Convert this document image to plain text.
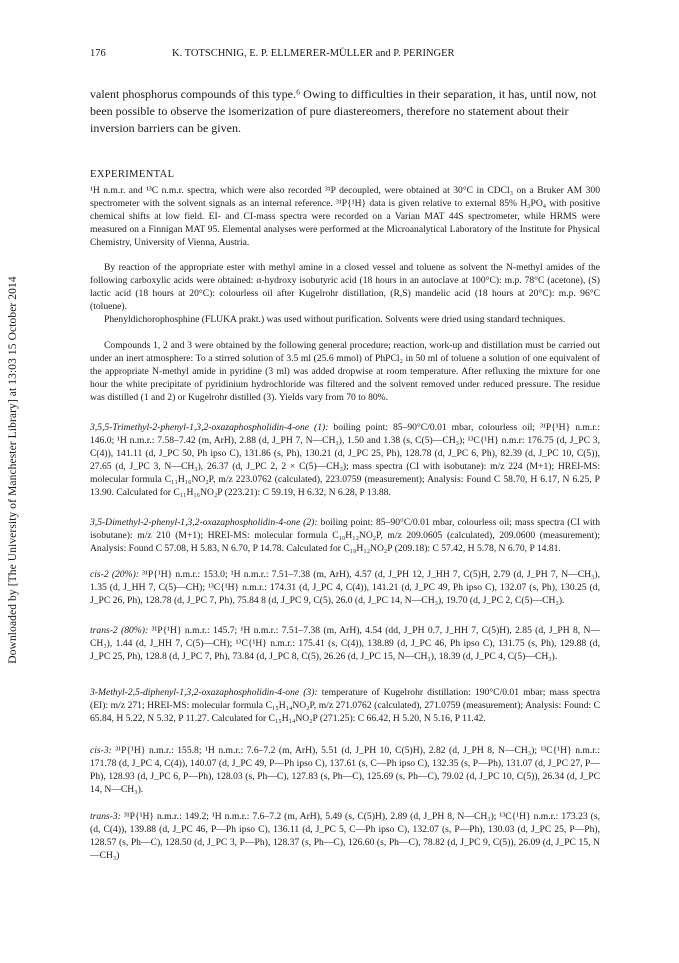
Downloaded by [The University of Manchester Library] at 13:03 15 October 2014
176	K. TOTSCHNIG, E. P. ELLMERER-MÜLLER and P. PERINGER

valent phosphorus compounds of this type.⁶ Owing to difficulties in their separation, it has, until now, not been possible to observe the isomerization of pure diastereomers, therefore no statement about their inversion barriers can be given.

EXPERIMENTAL

¹H n.m.r. and ¹³C n.m.r. spectra, which were also recorded ³¹P decoupled, were obtained at 30°C in CDCl₃ on a Bruker AM 300 spectrometer with the solvent signals as an internal reference. ³¹P{¹H} data is given relative to external 85% H₃PO₄ with positive chemical shifts at low field. EI- and CI-mass spectra were recorded on a Varian MAT 44S spectrometer, while HRMS were measured on a Finnigan MAT 95. Elemental analyses were performed at the Microanalytical Laboratory of the Institute for Physical Chemistry, University of Vienna, Austria.

By reaction of the appropriate ester with methyl amine in a closed vessel and toluene as solvent the N-methyl amides of the following carboxylic acids were obtained: α-hydroxy isobutyric acid (18 hours in an autoclave at 100°C): m.p. 78°C (acetone), (S) lactic acid (18 hours at 20°C): colourless oil after Kugelrohr distillation, (R,S) mandelic acid (18 hours at 20°C): m.p. 96°C (toluene).

Phenyldichorophosphine (FLUKA prakt.) was used without purification. Solvents were dried using standard techniques.

Compounds 1, 2 and 3 were obtained by the following general procedure; reaction, work-up and distillation must be carried out under an inert atmosphere: To a stirred solution of 3.5 ml (25.6 mmol) of PhPCl₂ in 50 ml of toluene a solution of one equivalent of the appropriate N-methyl amide in pyridine (3 ml) was added dropwise at room temperature. After refluxing the mixture for one hour the white precipitate of pyridinium hydrochloride was filtered and the solvent removed under reduced pressure. The residue was distilled (1 and 2) or Kugelrohr distilled (3). Yields vary from 70 to 80%.

3,5,5-Trimethyl-2-phenyl-1,3,2-oxazaphospholidin-4-one (1): boiling point: 85–90°C/0.01 mbar, colourless oil; ³¹P{¹H} n.m.r.: 146.0; ¹H n.m.r.: 7.58–7.42 (m, ArH), 2.88 (d, J_PH 7, N—CH₃), 1.50 and 1.38 (s, C(5)—CH₃); ¹³C{¹H} n.m.r: 176.75 (d, J_PC 3, C(4)), 141.11 (d, J_PC 50, Ph ipso C), 131.86 (s, Ph), 130.21 (d, J_PC 25, Ph), 128.78 (d, J_PC 6, Ph), 82.39 (d, J_PC 10, C(5)), 27.65 (d, J_PC 3, N—CH₃), 26.37 (d, J_PC 2, 2 × C(5)—CH₃); mass spectra (CI with isobutane): m/z 224 (M+1); HREI-MS: molecular formula C₁₁H₁₆NO₂P, m/z 223.0762 (calculated), 223.0759 (measurement); Analysis: Found C 58.70, H 6.17, N 6.25, P 13.90. Calculated for C₁₁H₁₆NO₂P (223.21): C 59.19, H 6.32, N 6.28, P 13.88.

3,5-Dimethyl-2-phenyl-1,3,2-oxazaphospholidin-4-one (2): boiling point: 85–90°C/0.01 mbar, colourless oil; mass spectra (CI with isobutane): m/z 210 (M+1); HREI-MS: molecular formula C₁₀H₁₂NO₂P, m/z 209.0605 (calculated), 209.0600 (measurement); Analysis: Found C 57.08, H 5.83, N 6.70, P 14.78. Calculated for C₁₀H₁₂NO₂P (209.18): C 57.42, H 5.78, N 6.70, P 14.81.

cis-2 (20%): ³¹P{¹H} n.m.r.: 153.0; ¹H n.m.r.: 7.51–7.38 (m, ArH), 4.57 (d, J_PH 12, J_HH 7, C(5)H, 2.79 (d, J_PH 7, N—CH₃), 1.35 (d, J_HH 7, C(5)—CH); ¹³C{¹H} n.m.r.: 174.31 (d, J_PC 4, C(4)), 141.21 (d, J_PC 49, Ph ipso C), 132.07 (s, Ph), 130.25 (d, J_PC 26, Ph), 128.78 (d, J_PC 7, Ph), 75.84 8 (d, J_PC 9, C(5), 26.0 (d, J_PC 14, N—CH₃), 19.70 (d, J_PC 2, C(5)—CH₃).

trans-2 (80%): ³¹P{¹H} n.m.r.: 145.7; ¹H n.m.r.: 7.51–7.38 (m, ArH), 4.54 (dd, J_PH 0.7, J_HH 7, C(5)H), 2.85 (d, J_PH 8, N—CH₃), 1.44 (d, J_HH 7, C(5)—CH); ¹³C{¹H} n.m.r.: 175.41 (s, C(4)), 138.89 (d, J_PC 46, Ph ipso C), 131.75 (s, Ph), 129.88 (d, J_PC 25, Ph), 128.8 (d, J_PC 7, Ph), 73.84 (d, J_PC 8, C(5), 26.26 (d, J_PC 15, N—CH₃), 18.39 (d, J_PC 4, C(5)—CH₃).

3-Methyl-2,5-diphenyl-1,3,2-oxazaphospholidin-4-one (3): temperature of Kugelrohr distillation: 190°C/0.01 mbar; mass spectra (EI): m/z 271; HREI-MS: molecular formula C₁₅H₁₄NO₂P, m/z 271.0762 (calculated), 271.0759 (measurement); Analysis: Found: C 65.84, H 5.22, N 5.32, P 11.27. Calculated for C₁₅H₁₄NO₂P (271.25): C 66.42, H 5.20, N 5.16, P 11.42.

cis-3: ³¹P{¹H} n.m.r.: 155.8; ¹H n.m.r.: 7.6–7.2 (m, ArH), 5.51 (d, J_PH 10, C(5)H), 2.82 (d, J_PH 8, N—CH₃); ¹³C{¹H} n.m.r.: 171.78 (d, J_PC 4, C(4)), 140.07 (d, J_PC 49, P—Ph ipso C), 137.61 (s, C—Ph ipso C), 132.35 (s, P—Ph), 131.07 (d, J_PC 27, P—Ph), 128.93 (d, J_PC 6, P—Ph), 128.03 (s, Ph—C), 127.83 (s, Ph—C), 125.69 (s, Ph—C), 79.02 (d, J_PC 10, C(5)), 26.34 (d, J_PC 14, N—CH₃).

trans-3: ³¹P{¹H} n.m.r.: 149.2; ¹H n.m.r.: 7.6–7.2 (m, ArH), 5.49 (s, C(5)H), 2.89 (d, J_PH 8, N—CH₃); ¹³C{¹H} n.m.r.: 173.23 (s, (d, C(4)), 139.88 (d, J_PC 46, P—Ph ipso C), 136.11 (d, J_PC 5, C—Ph ipso C), 132.07 (s, P—Ph), 130.03 (d, J_PC 25, P—Ph), 128.57 (s, Ph—C), 128.50 (d, J_PC 3, P—Ph), 128.37 (s, Ph—C), 126.60 (s, Ph—C), 78.82 (d, J_PC 9, C(5)), 26.09 (d, J_PC 15, N—CH₃)
